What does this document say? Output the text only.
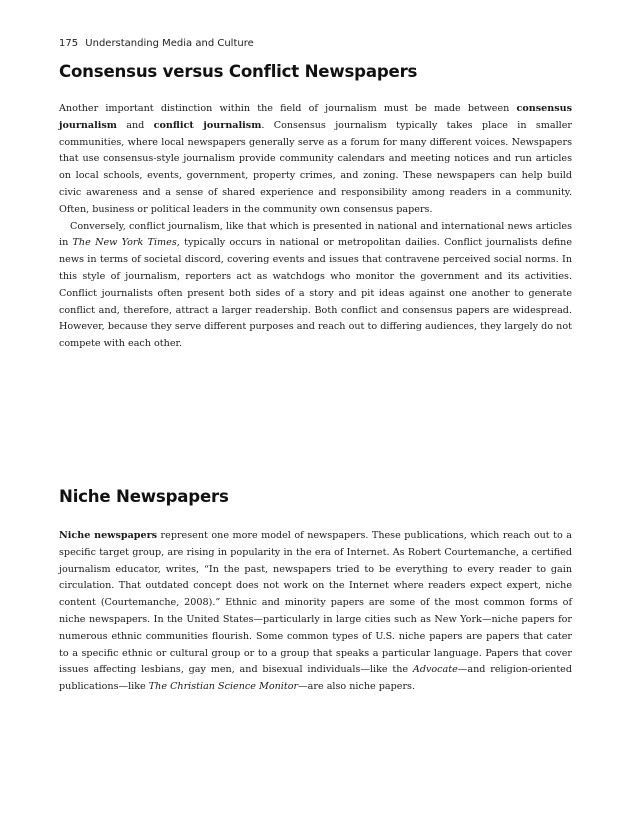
175 Understanding Media and Culture
Consensus versus Conflict Newspapers

Another important distinction within the field of journalism must be made between consensus journalism and conflict journalism. Consensus journalism typically takes place in smaller communities, where local newspapers generally serve as a forum for many different voices. Newspapers that use consensus-style journalism provide community calendars and meeting notices and run articles on local schools, events, government, property crimes, and zoning. These newspapers can help build civic awareness and a sense of shared experience and responsibility among readers in a community. Often, business or political leaders in the community own consensus papers.

Conversely, conflict journalism, like that which is presented in national and international news articles in The New York Times, typically occurs in national or metropolitan dailies. Conflict journalists define news in terms of societal discord, covering events and issues that contravene perceived social norms. In this style of journalism, reporters act as watchdogs who monitor the government and its activities. Conflict journalists often present both sides of a story and pit ideas against one another to generate conflict and, therefore, attract a larger readership. Both conflict and consensus papers are widespread. However, because they serve different purposes and reach out to differing audiences, they largely do not compete with each other.

Niche Newspapers

Niche newspapers represent one more model of newspapers. These publications, which reach out to a specific target group, are rising in popularity in the era of Internet. As Robert Courtemanche, a certified journalism educator, writes, “In the past, newspapers tried to be everything to every reader to gain circulation. That outdated concept does not work on the Internet where readers expect expert, niche content (Courtemanche, 2008).” Ethnic and minority papers are some of the most common forms of niche newspapers. In the United States—particularly in large cities such as New York—niche papers for numerous ethnic communities flourish. Some common types of U.S. niche papers are papers that cater to a specific ethnic or cultural group or to a group that speaks a particular language. Papers that cover issues affecting lesbians, gay men, and bisexual individuals—like the Advocate—and religion-oriented publications—like The Christian Science Monitor—are also niche papers.
